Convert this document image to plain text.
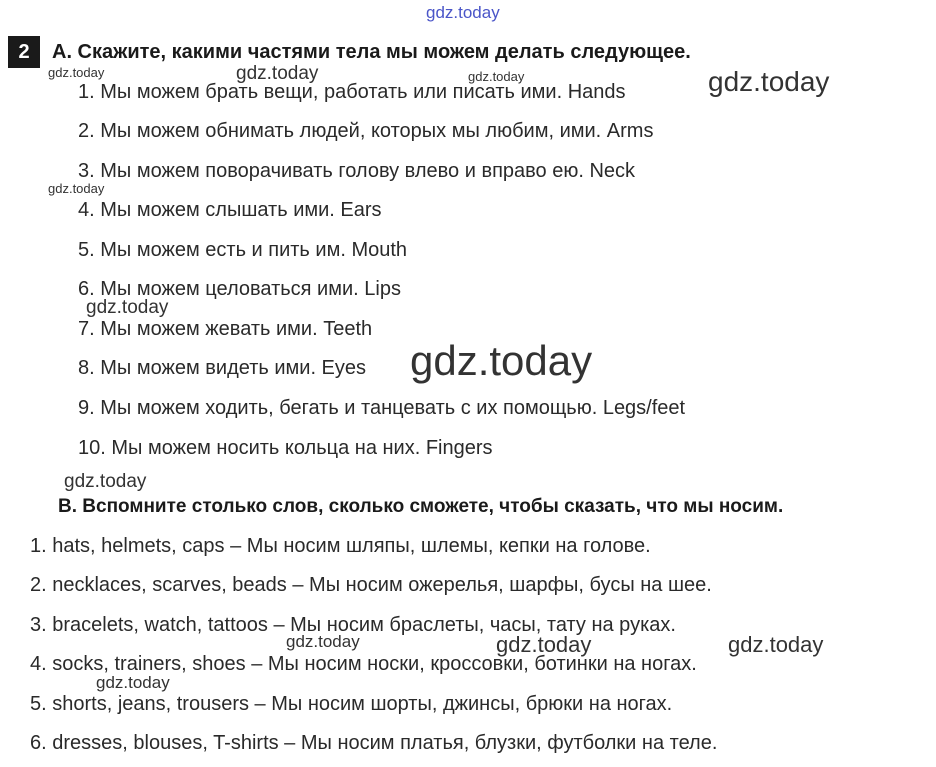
gdz.today
2	A. Скажите, какими частями тела мы можем делать следующее.
gdz.today	gdz.today	gdz.today	gdz.today
1. Мы можем брать вещи, работать или писать ими. Hands
2. Мы можем обнимать людей, которых мы любим, ими. Arms
3. Мы можем поворачивать голову влево и вправо ею. Neck
gdz.today
4. Мы можем слышать ими. Ears
5. Мы можем есть и пить им. Mouth
6. Мы можем целоваться ими. Lips
gdz.today
7. Мы можем жевать ими. Teeth
8. Мы можем видеть ими. Eyes gdz.today
9. Мы можем ходить, бегать и танцевать с их помощью. Legs/feet
10. Мы можем носить кольца на них. Fingers
gdz.today
B. Вспомните столько слов, сколько сможете, чтобы сказать, что мы носим.
1. hats, helmets, caps – Мы носим шляпы, шлемы, кепки на голове.
2. necklaces, scarves, beads – Мы носим ожерелья, шарфы, бусы на шее.
3. bracelets, watch, tattoos – Мы носим браслеты, часы, тату на руках.
gdz.today	gdz.today	gdz.today
4. socks, trainers, shoes – Мы носим носки, кроссовки, ботинки на ногах.
gdz.today
5. shorts, jeans, trousers – Мы носим шорты, джинсы, брюки на ногах.
6. dresses, blouses, T-shirts – Мы носим платья, блузки, футболки на теле.
